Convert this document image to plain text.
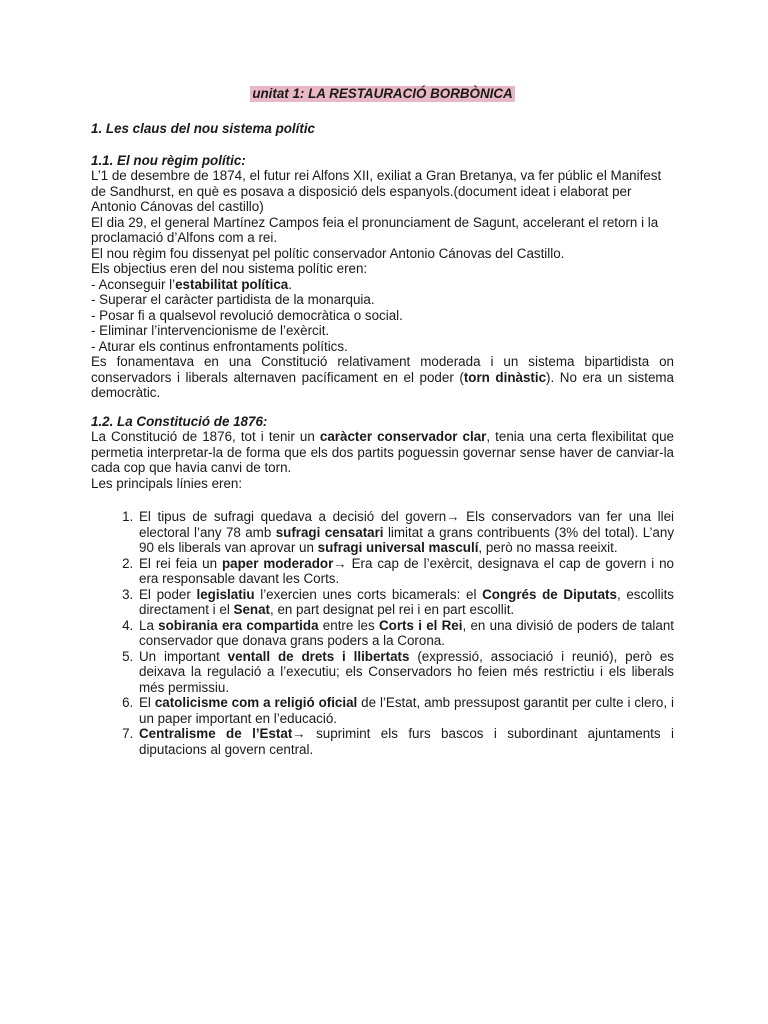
unitat 1: LA RESTAURACIÓ BORBÒNICA
1. Les claus del nou sistema polític
1.1. El nou règim polític:

L’1 de desembre de 1874, el futur rei Alfons XII, exiliat a Gran Bretanya, va fer públic el Manifest de Sandhurst, en què es posava a disposició dels espanyols.(document ideat i elaborat per Antonio Cánovas del castillo)

El dia 29, el general Martínez Campos feia el pronunciament de Sagunt, accelerant el retorn i la proclamació d’Alfons com a rei.

El nou règim fou dissenyat pel polític conservador Antonio Cánovas del Castillo.

Els objectius eren del nou sistema polític eren:

- Aconseguir l’estabilitat política.
- Superar el caràcter partidista de la monarquia.
- Posar fi a qualsevol revolució democràtica o social.
- Eliminar l’intervencionisme de l’exèrcit.
- Aturar els continus enfrontaments polítics.

Es fonamentava en una Constitució relativament moderada i un sistema bipartidista on conservadors i liberals alternaven pacíficament en el poder (torn dinàstic). No era un sistema democràtic.

1.2. La Constitució de 1876:

La Constitució de 1876, tot i tenir un caràcter conservador clar, tenia una certa flexibilitat que permetia interpretar-la de forma que els dos partits poguessin governar sense haver de canviar-la cada cop que havia canvi de torn.

Les principals línies eren:

1. El tipus de sufragi quedava a decisió del govern→ Els conservadors van fer una llei electoral l’any 78 amb sufragi censatari limitat a grans contribuents (3% del total). L’any 90 els liberals van aprovar un sufragi universal masculí, però no massa reeixit.
2. El rei feia un paper moderador→ Era cap de l’exèrcit, designava el cap de govern i no era responsable davant les Corts.
3. El poder legislatiu l’exercien unes corts bicamerals: el Congrés de Diputats, escollits directament i el Senat, en part designat pel rei i en part escollit.
4. La sobirania era compartida entre les Corts i el Rei, en una divisió de poders de talant conservador que donava grans poders a la Corona.
5. Un important ventall de drets i llibertats (expressió, associació i reunió), però es deixava la regulació a l’executiu; els Conservadors ho feien més restrictiu i els liberals més permissiu.
6. El catolicisme com a religió oficial de l’Estat, amb pressupost garantit per culte i clero, i un paper important en l’educació.
7. Centralisme de l’Estat→ suprimint els furs bascos i subordinant ajuntaments i diputacions al govern central.
